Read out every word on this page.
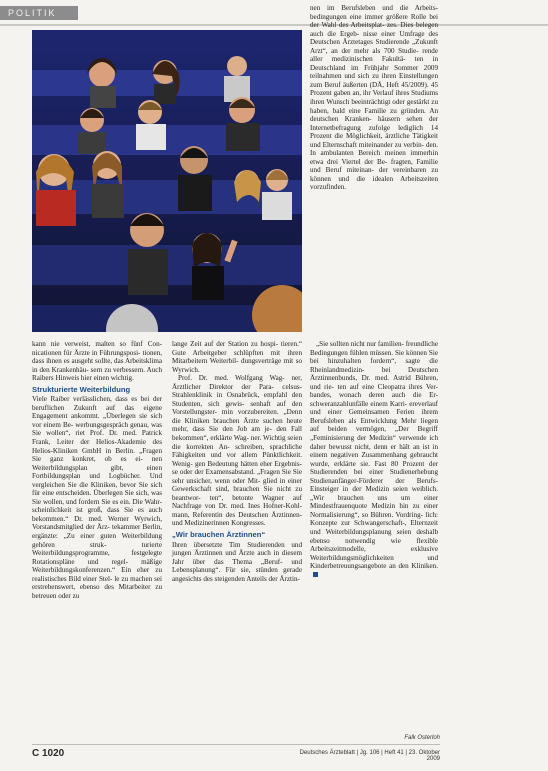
POLITIK

kann nie verweist, malten so fünf Con- nicationen für Ärzte in Führungsposi- tionen, dass ihnen es ausgeht sollte, das Arbeitsklima in den Krankenhäu- sern zu verbessern. Auch Raibers Hinweis hier einen wichtig.

Strukturierte Weiterbildung

Viele Raiber verlässlichen, dass es bei der beruflichen Zukunft auf das eigene Engagement ankommt. „Überlegen sie sich vor einem Be- werbungsgespräch genau, was Sie wollen“, riet Prof. Dr. med. Patrick Frank, Leiter der Helios-Akademie des Helios-Kliniken GmbH in Berlin. „Fragen Sie ganz konkret, ob es ei- nen Weiterbildungsplan gibt, einen Fortbildungsplan und Logbücher. Und vergleichen Sie die Kliniken, bevor Sie sich für eine entscheiden. Überlegen Sie sich, was Sie wollen, und fordern Sie es ein. Die Wahr- scheinlichkeit ist groß, dass Sie es auch bekommen.“ Dr. med. Werner Wyrwich, Vorstandsmitglied der Ärz- tekammer Berlin, ergänzte: „Zu einer guten Weiterbildung gehören struk- turierte Weiterbildungsprogramme, festgelegte Rotationspläne und regel- mäßige Weiterbildungskonferenzen.“ Ein eher zu realistisches Bild einer Stel- le zu machen sei erstrebenswert, ebenso des Mitarbeiter zu betreuen oder zu

lange Zeit auf der Station zu hospi- tieren.“ Gute Arbeitgeber schlüpften mit ihren Mitarbeitern Weiterbil- dungsverträge mit so Wyrwich.

Prof. Dr. med. Wolfgang Wag- ner, Ärztlicher Direktor der Para- celsus-Strahlenklinik in Osnabrück, empfahl den Studenten, sich gewis- senhaft auf den Vorstellungster- min vorzubereiten. „Denn die Kliniken brauchen Ärzte suchen heute mehr, dass Sie den Job am je- den Fall bekommen“, erklärte Wag- ner. Wichtig seien die korrekten An- schreiben, sprachliche Fähigkeiten und vor allem Pünktlichkeit. Wenig- gen Bedeutung hätten eher Ergebnis- se oder der Examensabstand. „Fragen Sie Sie sehr unsicher, wenn oder Mit- glied in einer Gewerkschaft sind, brauchen Sie nicht zu beantwor- ten“, betonte Wagner auf Nachfrage von Dr. med. Ines Hofner-Kohl- mann, Referentin des Deutschen Ärztinnen- und Medizinerinnen Kongresses.

„Wir brauchen Ärztinnen“

Ihren übersetzte Tim Studierenden und jungen Ärztinnen und Ärzte auch in diesem Jahr über das Thema „Beruf- und Lebensplanung“. Für sie, stünden gerade angesichts des steigenden Anteils der Ärztin-

nen im Berufsleben und die Arbeits- bedingungen eine immer größere Rolle bei der Wahl des Arbeitsplat- zes. Dies belegen auch die Ergeb- nisse einer Umfrage des Deutschen Ärztetages Studierende „Zukunft Arzt“, an der mehr als 700 Studie- rende aller medizinischen Fakultä- ten in Deutschland im Frühjahr Sommer 2009 teilnahmen und sich zu ihren Einstellungen zum Beruf äußerten (DÄ, Heft 45/2009). 45 Prozent gaben an, ihr Verlauf ihres Studiums ihren Wunsch beeinträchtigt oder gestärkt zu haben, bald eine Familie zu gründen. An deutschen Kranken- häusern sehen der Internetbefragung zufolge lediglich 14 Prozent die Möglichkeit, ärztliche Tätigkeit und Elternschaft miteinander zu verbin- den. In ambulanten Bereich meinen immerhin etwa drei Viertel der Be- fragten, Familie und Beruf miteinan- der vereinbaren zu können und die idealen Arbeitszeiten vorzufinden.

„Sie sollten nicht nur familien- freundliche Bedingungen fühlen müssen. Sie können Sie bei hinzuhalten fordern“, sagte die Rheinlandmedizin- bei Deutschen Ärztinnenbunds, Dr. med. Astrid Bühren, und rie- ten auf eine Cleopatra ihres Ver- bandes, wonach deren auch die Er- schweranzahlunfälle einem Karri- ereverlauf und einer Gemeinsamen Ferien ihrem Berufsleben als Entwicklung Mehr liegen auf beiden vermögen, „Der Begriff „Feminisierung der Medizin“ verwende ich daher bewusst nicht, denn er hält an ist in einem negativen Zusammenhang gebraucht wurde, erklärte sie. Fast 80 Prozent der Studierenden bei einer Studienerhebung Studienanfänger-Förderer der Berufs-Einsteiger in der Medizin seien weiblich. „Wir brauchen uns um einer Mindestfrauenquote Medizin hin zu einer Normalisierung“, so Bühren. Vordring- lich: Konzepte zur Schwangerschaft-, Elternzeit und Weiterbildungsplanung seien deshalb ebenso notwendig wie flexible Arbeitszeitmodelle, exklusive Weiterbildungsmöglichkeiten und Kinderbetreuungsangebote an den Kliniken.

Falk Osterloh
C 1020	Deutsches Ärzteblatt | Jg. 106 | Heft 41 | 23. Oktober 2009
